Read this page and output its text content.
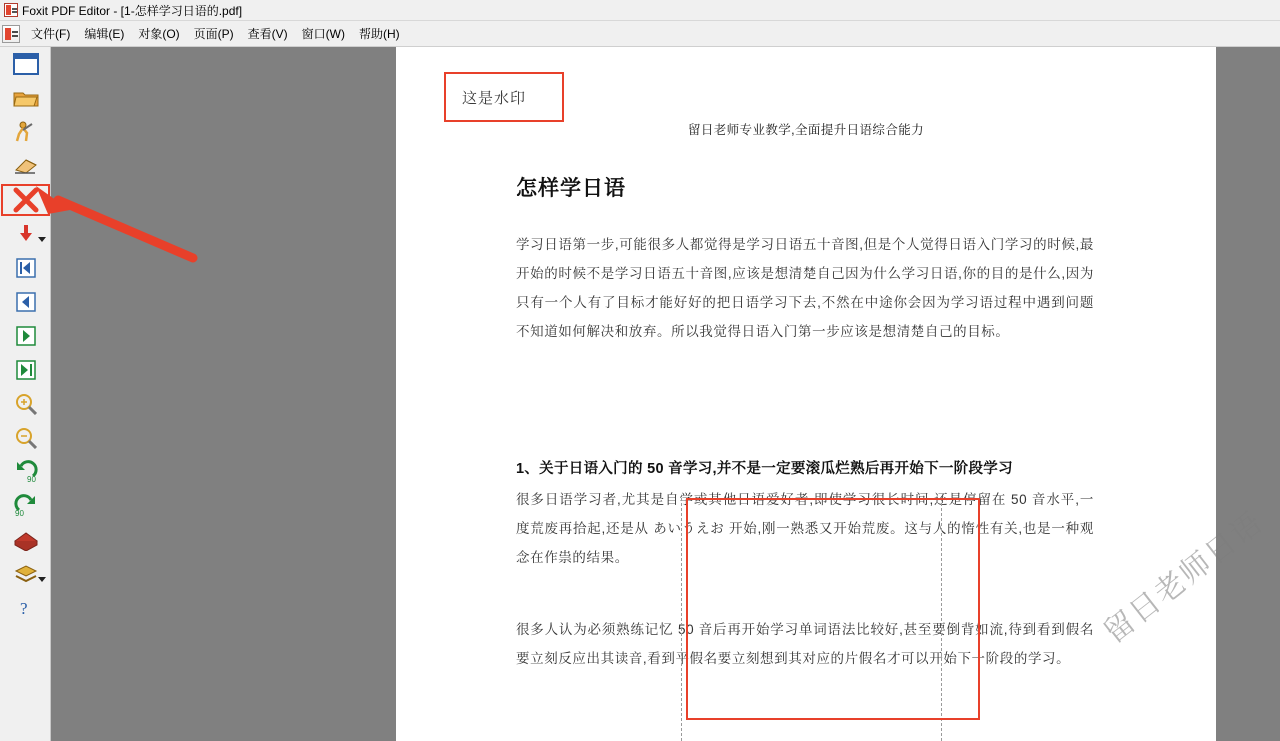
Foxit PDF Editor - [1-怎样学习日语的.pdf]
文件(F)	编辑(E)	对象(O)	页面(P)	查看(V)	窗口(W)	帮助(H)
90
90
?
留日老师专业教学,全面提升日语综合能力
怎样学日语
学习日语第一步,可能很多人都觉得是学习日语五十音图,但是个人觉得日语入门学习的时候,最开始的时候不是学习日语五十音图,应该是想清楚自己因为什么学习日语,你的目的是什么,因为只有一个人有了目标才能好好的把日语学习下去,不然在中途你会因为学习语过程中遇到问题不知道如何解决和放弃。所以我觉得日语入门第一步应该是想清楚自己的目标。
1、关于日语入门的 50 音学习,并不是一定要滚瓜烂熟后再开始下一阶段学习
很多日语学习者,尤其是自学或其他日语爱好者,即使学习很长时间,还是停留在 50 音水平,一度荒废再拾起,还是从 あいうえお 开始,刚一熟悉又开始荒废。这与人的惰性有关,也是一种观念在作祟的结果。
很多人认为必须熟练记忆 50 音后再开始学习单词语法比较好,甚至要倒背如流,待到看到假名要立刻反应出其读音,看到平假名要立刻想到其对应的片假名才可以开始下一阶段的学习。
留日老师日语
这是水印
